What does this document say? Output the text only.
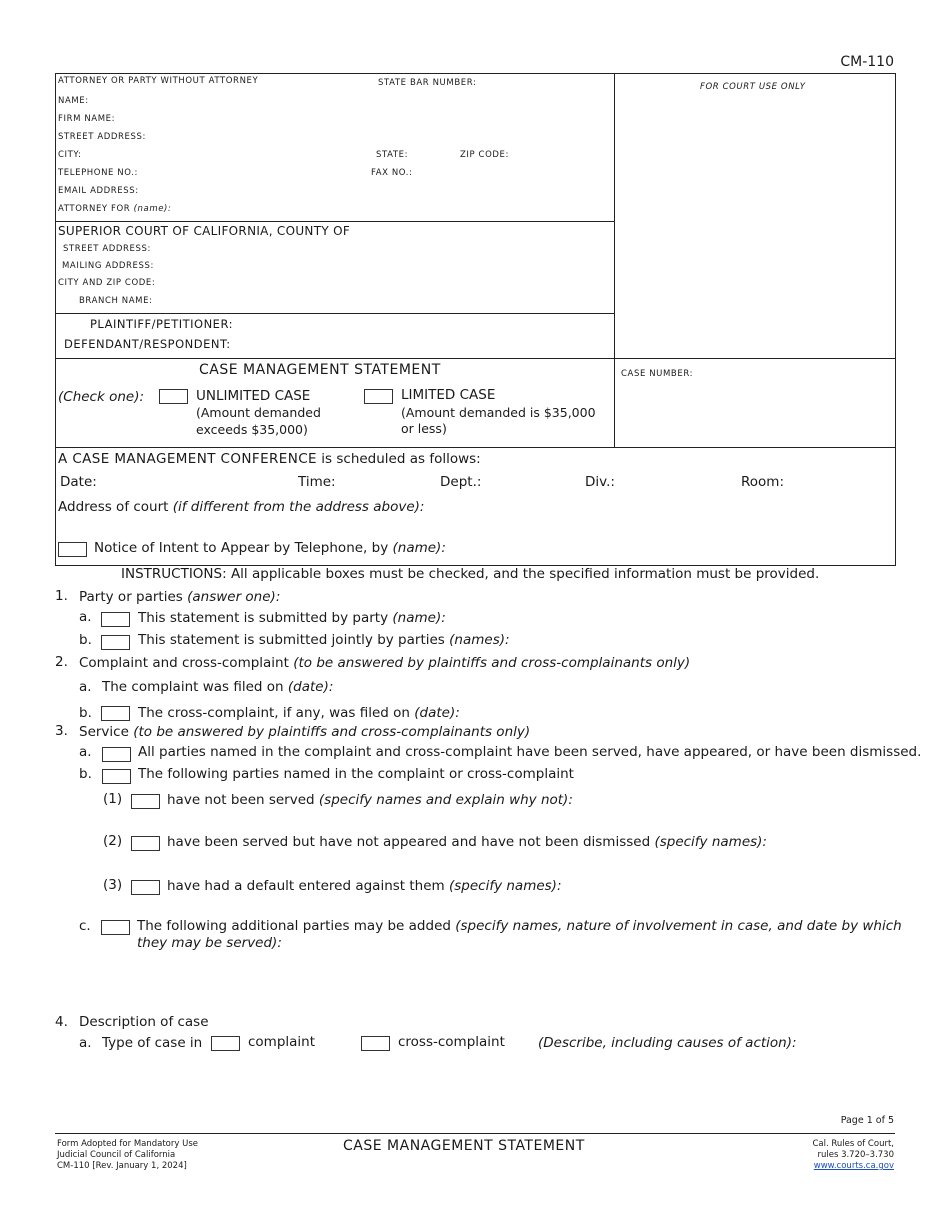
CM-110
ATTORNEY OR PARTY WITHOUT ATTORNEY	STATE BAR NUMBER:	FOR COURT USE ONLY
NAME:
FIRM NAME:
STREET ADDRESS:
CITY:	STATE:	ZIP CODE:
TELEPHONE NO.:	FAX NO.:
EMAIL ADDRESS:
ATTORNEY FOR (name):
SUPERIOR COURT OF CALIFORNIA, COUNTY OF
STREET ADDRESS:
MAILING ADDRESS:
CITY AND ZIP CODE:
BRANCH NAME:
PLAINTIFF/PETITIONER:
DEFENDANT/RESPONDENT:
CASE MANAGEMENT STATEMENT
(Check one):	UNLIMITED CASE
(Amount demanded
exceeds $35,000)
LIMITED CASE
(Amount demanded is $35,000
or less)
CASE NUMBER:
A CASE MANAGEMENT CONFERENCE is scheduled as follows:
Date:	Time:	Dept.:	Div.:	Room:
Address of court (if different from the address above):
Notice of Intent to Appear by Telephone, by (name):
INSTRUCTIONS: All applicable boxes must be checked, and the specified information must be provided.
1. Party or parties (answer one):
a.	This statement is submitted by party (name):
b.	This statement is submitted jointly by parties (names):
2. Complaint and cross-complaint (to be answered by plaintiffs and cross-complainants only)
a. The complaint was filed on (date):
b.	The cross-complaint, if any, was filed on (date):
3. Service (to be answered by plaintiffs and cross-complainants only)
a.	All parties named in the complaint and cross-complaint have been served, have appeared, or have been dismissed.
b.	The following parties named in the complaint or cross-complaint
(1)	have not been served (specify names and explain why not):
(2)	have been served but have not appeared and have not been dismissed (specify names):
(3)	have had a default entered against them (specify names):
c.	The following additional parties may be added (specify names, nature of involvement in case, and date by which
they may be served):
4. Description of case
a. Type of case in	complaint	cross-complaint (Describe, including causes of action):
Page 1 of 5
Form Adopted for Mandatory Use
Judicial Council of California
CM-110 [Rev. January 1, 2024]
CASE MANAGEMENT STATEMENT	Cal. Rules of Court,
rules 3.720–3.730
www.courts.ca.gov
